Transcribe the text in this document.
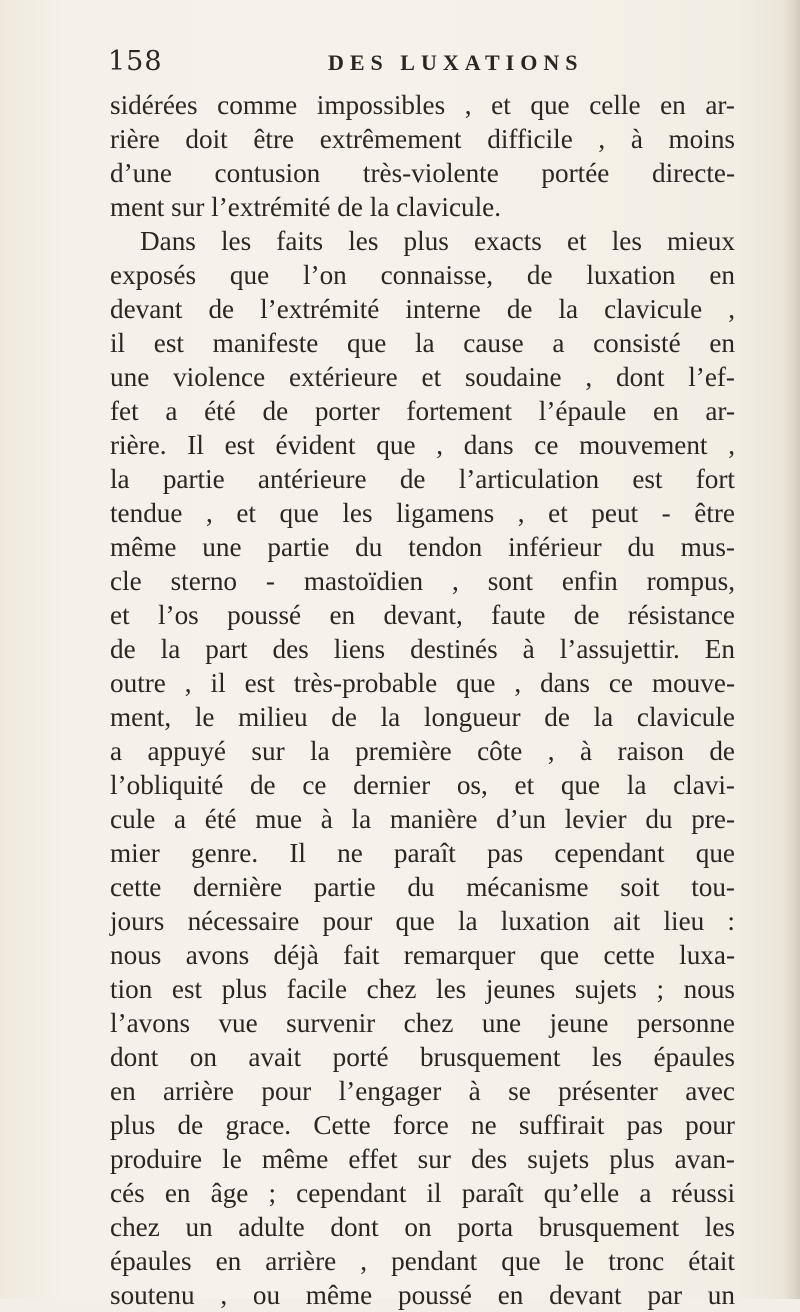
158	DES LUXATIONS
sidérées comme impossibles , et que celle en ar-
rière doit être extrêmement difficile , à moins
d’une contusion très-violente portée directe-
ment sur l’extrémité de la clavicule.
Dans les faits les plus exacts et les mieux
exposés que l’on connaisse, de luxation en
devant de l’extrémité interne de la clavicule ,
il est manifeste que la cause a consisté en
une violence extérieure et soudaine , dont l’ef-
fet a été de porter fortement l’épaule en ar-
rière. Il est évident que , dans ce mouvement ,
la partie antérieure de l’articulation est fort
tendue , et que les ligamens , et peut - être
même une partie du tendon inférieur du mus-
cle sterno - mastoïdien , sont enfin rompus,
et l’os poussé en devant, faute de résistance
de la part des liens destinés à l’assujettir. En
outre , il est très-probable que , dans ce mouve-
ment, le milieu de la longueur de la clavicule
a appuyé sur la première côte , à raison de
l’obliquité de ce dernier os, et que la clavi-
cule a été mue à la manière d’un levier du pre-
mier genre. Il ne paraît pas cependant que
cette dernière partie du mécanisme soit tou-
jours nécessaire pour que la luxation ait lieu :
nous avons déjà fait remarquer que cette luxa-
tion est plus facile chez les jeunes sujets ; nous
l’avons vue survenir chez une jeune personne
dont on avait porté brusquement les épaules
en arrière pour l’engager à se présenter avec
plus de grace. Cette force ne suffirait pas pour
produire le même effet sur des sujets plus avan-
cés en âge ; cependant il paraît qu’elle a réussi
chez un adulte dont on porta brusquement les
épaules en arrière , pendant que le tronc était
soutenu , ou même poussé en devant par un
